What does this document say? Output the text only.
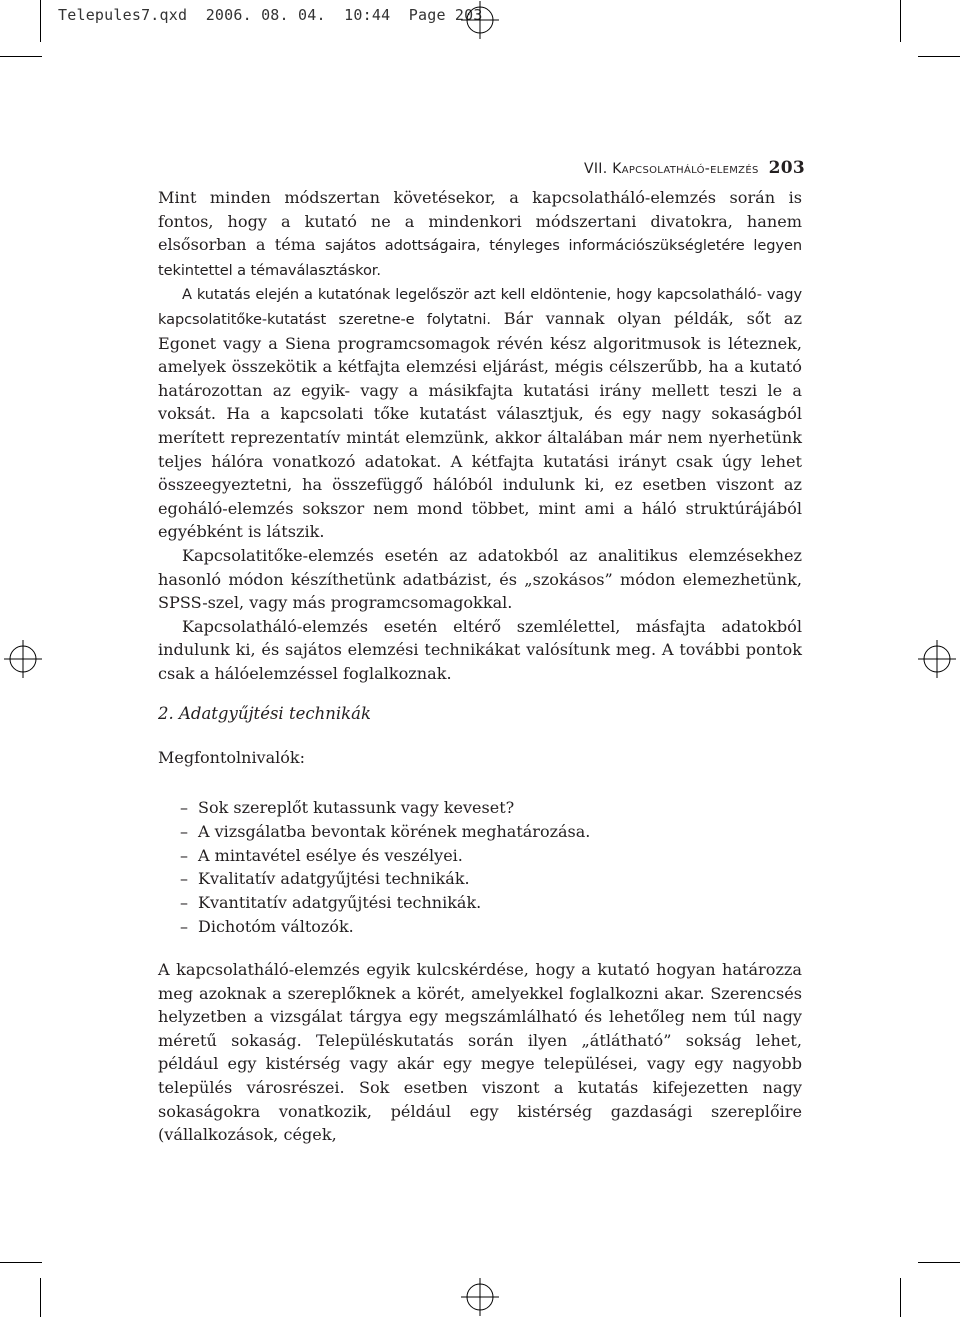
Telepules7.qxd  2006. 08. 04.  10:44  Page 203
VII. Kapcsolatháló-elemzés 203

Mint minden módszertan követésekor, a kapcsolatháló-elemzés során is fontos, hogy a kutató ne a mindenkori módszertani divatokra, hanem elsősorban a téma sajátos adottságaira, tényleges információszükségletére legyen tekintettel a témaválasztáskor.

A kutatás elején a kutatónak legelőször azt kell eldöntenie, hogy kapcsolatháló- vagy kapcsolatitőke-kutatást szeretne-e folytatni. Bár vannak olyan példák, sőt az Egonet vagy a Siena programcsomagok révén kész algoritmusok is léteznek, amelyek összekötik a kétfajta elemzési eljárást, mégis célszerűbb, ha a kutató határozottan az egyik- vagy a másikfajta kutatási irány mellett teszi le a voksát. Ha a kapcsolati tőke kutatást választjuk, és egy nagy sokaságból merített reprezentatív mintát elemzünk, akkor általában már nem nyerhetünk teljes hálóra vonatkozó adatokat. A kétfajta kutatási irányt csak úgy lehet összeegyeztetni, ha összefüggő hálóból indulunk ki, ez esetben viszont az egoháló-elemzés sokszor nem mond többet, mint ami a háló struktúrájából egyébként is látszik.

Kapcsolatitőke-elemzés esetén az adatokból az analitikus elemzésekhez hasonló módon készíthetünk adatbázist, és „szokásos” módon elemezhetünk, SPSS-szel, vagy más programcsomagokkal.

Kapcsolatháló-elemzés esetén eltérő szemlélettel, másfajta adatokból indulunk ki, és sajátos elemzési technikákat valósítunk meg. A további pontok csak a hálóelemzéssel foglalkoznak.

2. Adatgyűjtési technikák
Megfontolnivalók:
– Sok szereplőt kutassunk vagy keveset?
– A vizsgálatba bevontak körének meghatározása.
– A mintavétel esélye és veszélyei.
– Kvalitatív adatgyűjtési technikák.
– Kvantitatív adatgyűjtési technikák.
– Dichotóm változók.

A kapcsolatháló-elemzés egyik kulcskérdése, hogy a kutató hogyan határozza meg azoknak a szereplőknek a körét, amelyekkel foglalkozni akar. Szerencsés helyzetben a vizsgálat tárgya egy megszámlálható és lehetőleg nem túl nagy méretű sokaság. Településkutatás során ilyen „átlátható” sokság lehet, például egy kistérség vagy akár egy megye települései, vagy egy nagyobb település városrészei. Sok esetben viszont a kutatás kifejezetten nagy sokaságokra vonatkozik, például egy kistérség gazdasági szereplőire (vállalkozások, cégek,
